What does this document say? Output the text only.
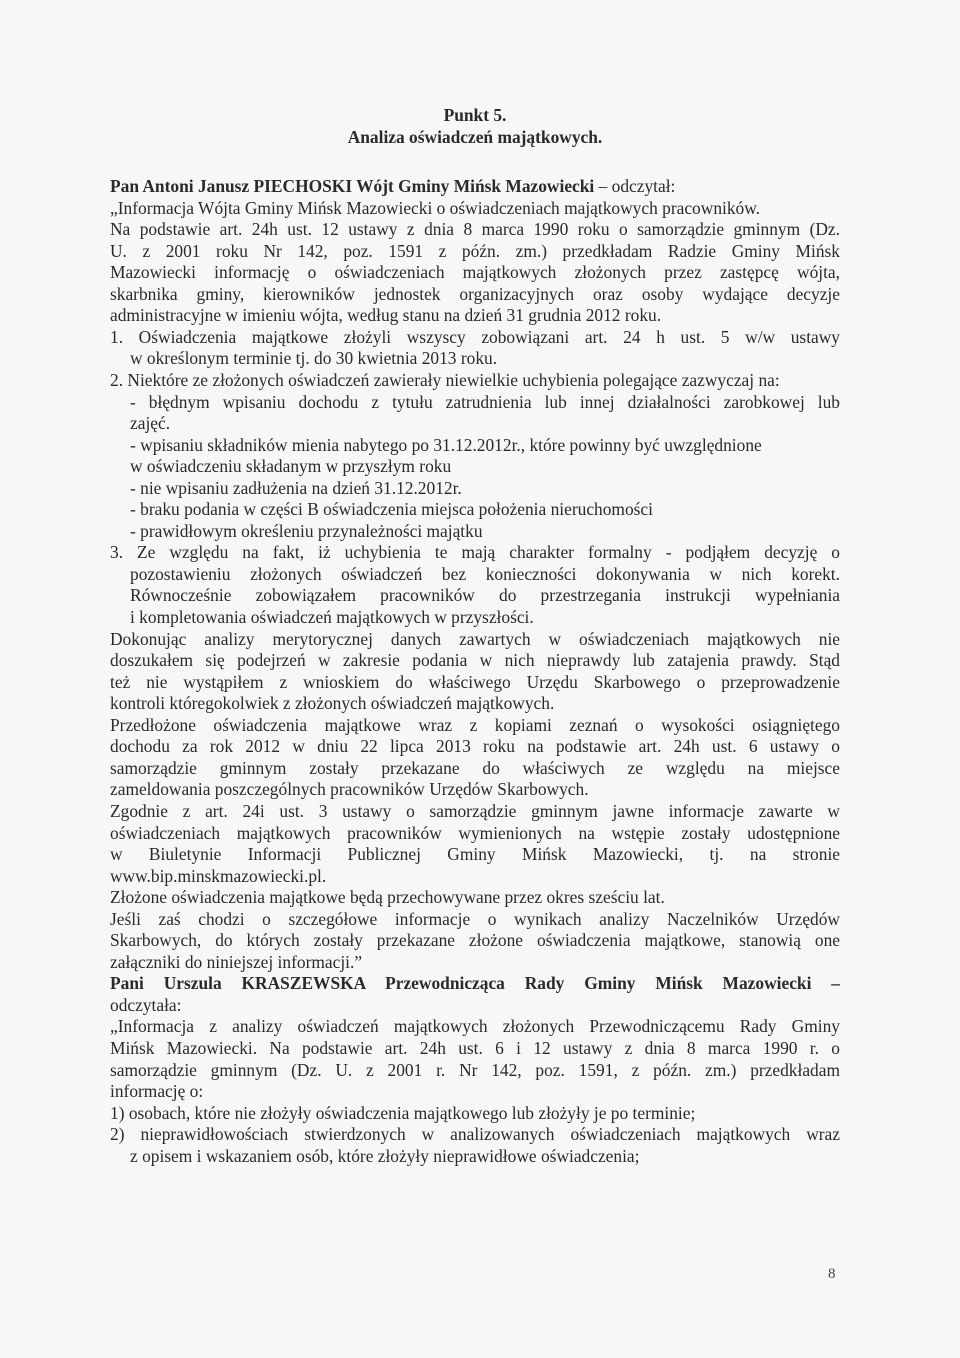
Punkt 5.

Analiza oświadczeń majątkowych.

Pan Antoni Janusz PIECHOSKI Wójt Gminy Mińsk Mazowiecki – odczytał:
„Informacja Wójta Gminy Mińsk Mazowiecki o oświadczeniach majątkowych pracowników.
Na podstawie art. 24h ust. 12 ustawy z dnia 8 marca 1990 roku o samorządzie gminnym (Dz.
U. z 2001 roku Nr 142, poz. 1591 z późn. zm.) przedkładam Radzie Gminy Mińsk
Mazowiecki informację o oświadczeniach majątkowych złożonych przez zastępcę wójta,
skarbnika gminy, kierowników jednostek organizacyjnych oraz osoby wydające decyzje
administracyjne w imieniu wójta, według stanu na dzień 31 grudnia 2012 roku.
1. Oświadczenia majątkowe złożyli wszyscy zobowiązani art. 24 h ust. 5 w/w ustawy
w określonym terminie tj. do 30 kwietnia 2013 roku.
2. Niektóre ze złożonych oświadczeń zawierały niewielkie uchybienia polegające zazwyczaj na:
- błędnym wpisaniu dochodu z tytułu zatrudnienia lub innej działalności zarobkowej lub
zajęć.
- wpisaniu składników mienia nabytego po 31.12.2012r., które powinny być uwzględnione
w oświadczeniu składanym w przyszłym roku
- nie wpisaniu zadłużenia na dzień 31.12.2012r.
- braku podania w części B oświadczenia miejsca położenia nieruchomości
- prawidłowym określeniu przynależności majątku
3. Ze względu na fakt, iż uchybienia te mają charakter formalny - podjąłem decyzję o
pozostawieniu złożonych oświadczeń bez konieczności dokonywania w nich korekt.
Równocześnie zobowiązałem pracowników do przestrzegania instrukcji wypełniania
i kompletowania oświadczeń majątkowych w przyszłości.
Dokonując analizy merytorycznej danych zawartych w oświadczeniach majątkowych nie
doszukałem się podejrzeń w zakresie podania w nich nieprawdy lub zatajenia prawdy. Stąd
też nie wystąpiłem z wnioskiem do właściwego Urzędu Skarbowego o przeprowadzenie
kontroli któregokolwiek z złożonych oświadczeń majątkowych.
Przedłożone oświadczenia majątkowe wraz z kopiami zeznań o wysokości osiągniętego
dochodu za rok 2012 w dniu 22 lipca 2013 roku na podstawie art. 24h ust. 6 ustawy o
samorządzie gminnym zostały przekazane do właściwych ze względu na miejsce
zameldowania poszczególnych pracowników Urzędów Skarbowych.
Zgodnie z art. 24i ust. 3 ustawy o samorządzie gminnym jawne informacje zawarte w
oświadczeniach majątkowych pracowników wymienionych na wstępie zostały udostępnione
w Biuletynie Informacji Publicznej Gminy Mińsk Mazowiecki, tj. na stronie
www.bip.minskmazowiecki.pl.
Złożone oświadczenia majątkowe będą przechowywane przez okres sześciu lat.
Jeśli zaś chodzi o szczegółowe informacje o wynikach analizy Naczelników Urzędów
Skarbowych, do których zostały przekazane złożone oświadczenia majątkowe, stanowią one
załączniki do niniejszej informacji.”
Pani Urszula KRASZEWSKA Przewodnicząca Rady Gminy Mińsk Mazowiecki –
odczytała:
„Informacja z analizy oświadczeń majątkowych złożonych Przewodniczącemu Rady Gminy
Mińsk Mazowiecki. Na podstawie art. 24h ust. 6 i 12 ustawy z dnia 8 marca 1990 r. o
samorządzie gminnym (Dz. U. z 2001 r. Nr 142, poz. 1591, z późn. zm.) przedkładam
informację o:
1) osobach, które nie złożyły oświadczenia majątkowego lub złożyły je po terminie;
2) nieprawidłowościach stwierdzonych w analizowanych oświadczeniach majątkowych wraz
z opisem i wskazaniem osób, które złożyły nieprawidłowe oświadczenia;
8
